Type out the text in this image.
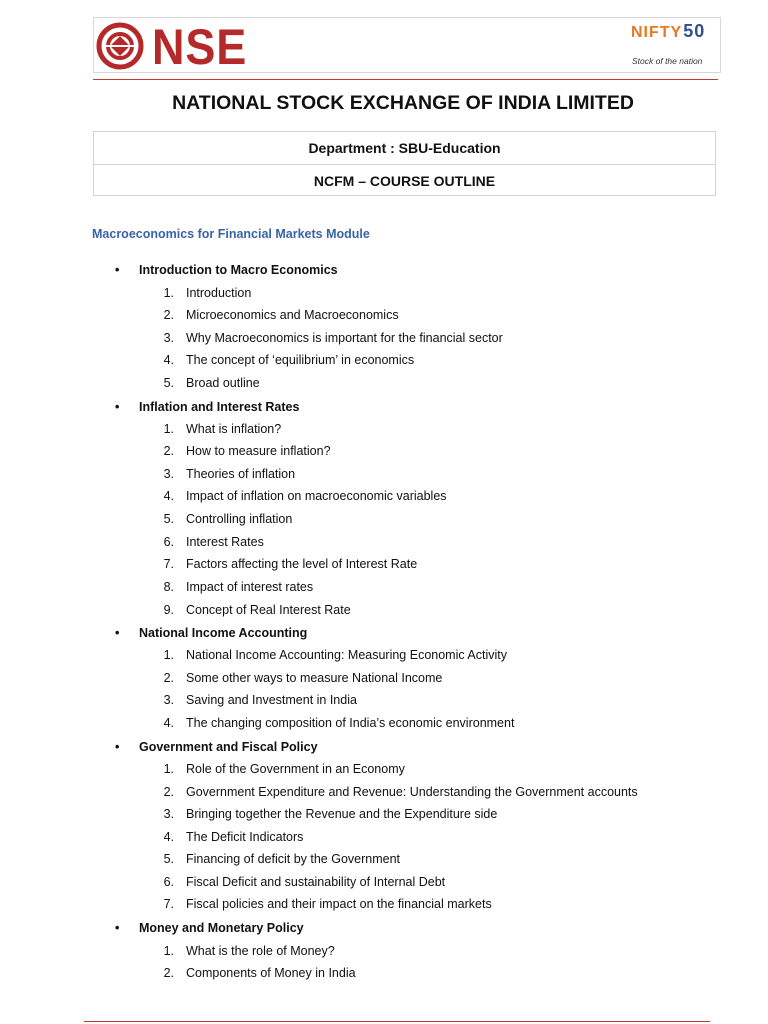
NSE	NIFTY50
Stock of the nation
NATIONAL STOCK EXCHANGE OF INDIA LIMITED
Department : SBU-Education
NCFM – COURSE OUTLINE
Macroeconomics for Financial Markets Module
• Introduction to Macro Economics
1. Introduction
2. Microeconomics and Macroeconomics
3. Why Macroeconomics is important for the financial sector
4. The concept of ‘equilibrium’ in economics
5. Broad outline
• Inflation and Interest Rates
1. What is inflation?
2. How to measure inflation?
3. Theories of inflation
4. Impact of inflation on macroeconomic variables
5. Controlling inflation
6. Interest Rates
7. Factors affecting the level of Interest Rate
8. Impact of interest rates
9. Concept of Real Interest Rate
• National Income Accounting
1. National Income Accounting: Measuring Economic Activity
2. Some other ways to measure National Income
3. Saving and Investment in India
4. The changing composition of India’s economic environment
• Government and Fiscal Policy
1. Role of the Government in an Economy
2. Government Expenditure and Revenue: Understanding the Government accounts
3. Bringing together the Revenue and the Expenditure side
4. The Deficit Indicators
5. Financing of deficit by the Government
6. Fiscal Deficit and sustainability of Internal Debt
7. Fiscal policies and their impact on the financial markets
• Money and Monetary Policy
1. What is the role of Money?
2. Components of Money in India
